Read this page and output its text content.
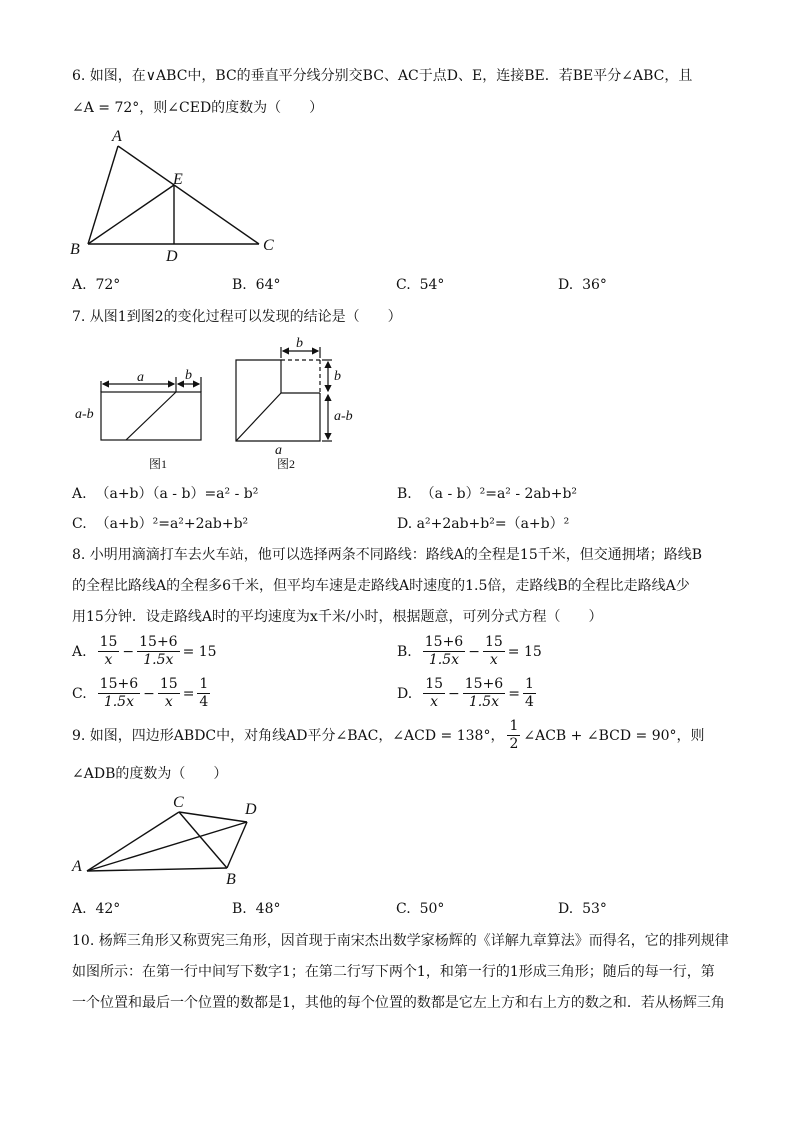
6. 如图，在∨ABC中，BC的垂直平分线分别交BC、AC于点D、E，连接BE．若BE平分∠ABC，且
∠A = 72°，则∠CED的度数为（　　）
A
E
B	D
C
A. 72°	B. 64°	C. 54°	D. 36°
7. 从图1到图2的变化过程可以发现的结论是（　　）
a	b
a-b
图1
b
b
a-b
a
图2
A. （a+b）（a - b）=a² - b²	B. （a - b）²=a² - 2ab+b²
C. （a+b）²=a²+2ab+b²	D. a²+2ab+b²=（a+b）²
8. 小明用滴滴打车去火车站，他可以选择两条不同路线：路线A的全程是15千米，但交通拥堵；路线B
的全程比路线A的全程多6千米，但平均车速是走路线A时速度的1.5倍，走路线B的全程比走路线A少
用15分钟．设走路线A时的平均速度为x千米/小时，根据题意，可列分式方程（　　）
A. $\frac{15}{x} - \frac{15+6}{1.5x} = 15$	B. $\frac{15+6}{1.5x} - \frac{15}{x} = 15$
C. $\frac{15+6}{1.5x} - \frac{15}{x} = \frac{1}{4}$	D. $\frac{15}{x} - \frac{15+6}{1.5x} = \frac{1}{4}$
9. 如图，四边形ABDC中，对角线AD平分∠BAC，∠ACD = 138°， $\frac{1}{2}$ ∠ACB + ∠BCD = 90°，则
∠ADB的度数为（　　）
C	D
A
B
A. 42°	B. 48°	C. 50°	D. 53°
10. 杨辉三角形又称贾宪三角形，因首现于南宋杰出数学家杨辉的《详解九章算法》而得名，它的排列规律
如图所示：在第一行中间写下数字1；在第二行写下两个1，和第一行的1形成三角形；随后的每一行，第
一个位置和最后一个位置的数都是1，其他的每个位置的数都是它左上方和右上方的数之和．若从杨辉三角
